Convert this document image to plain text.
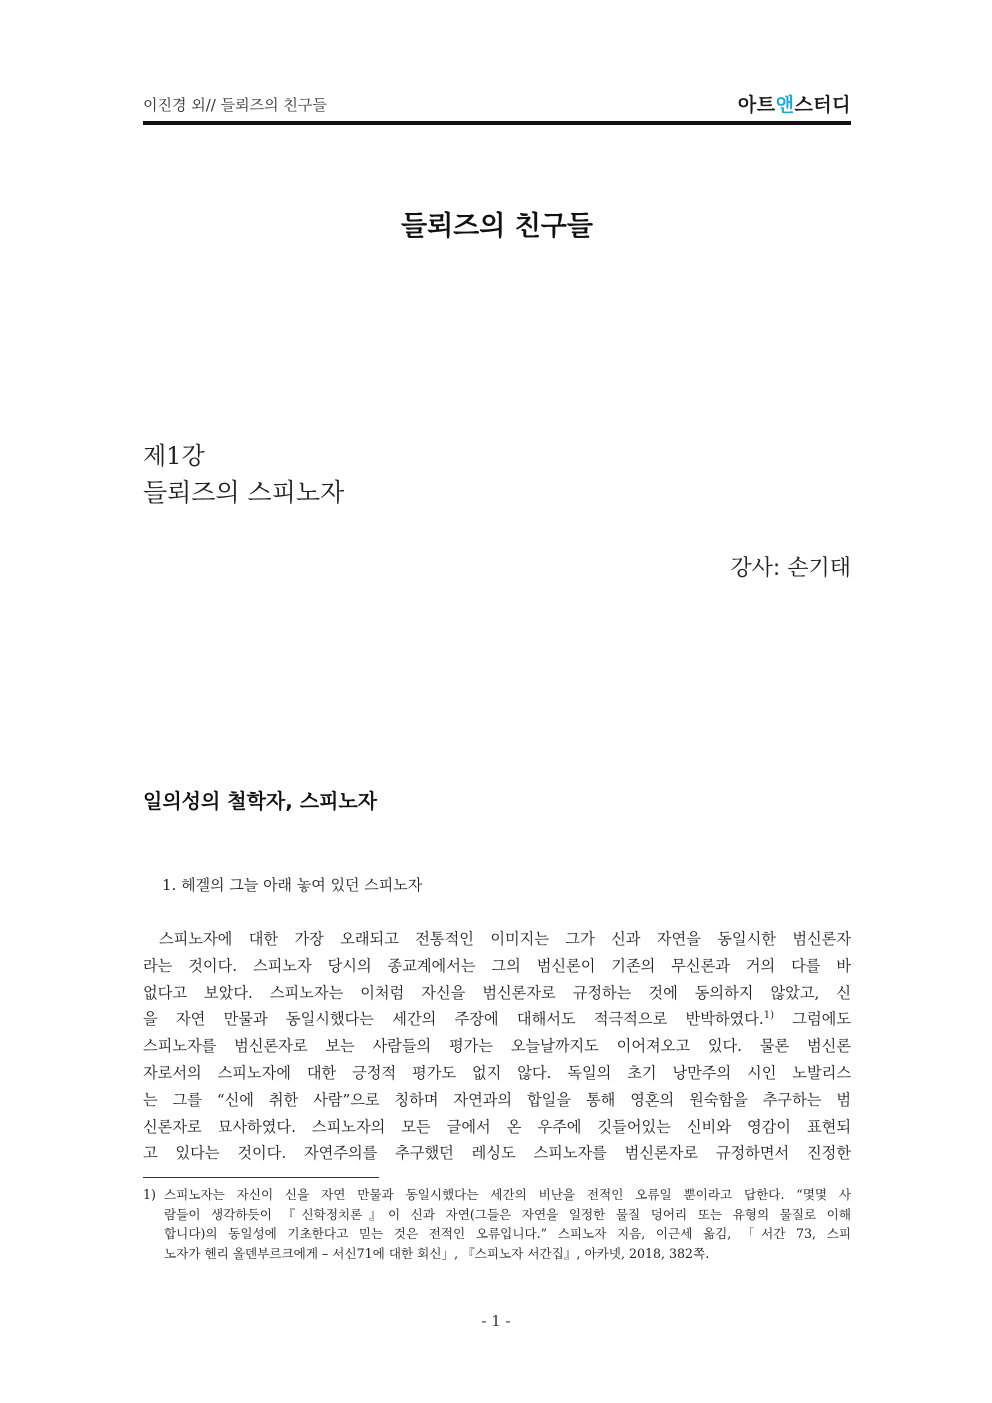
이진경 외// 들뢰즈의 친구들	아트앤스터디
들뢰즈의 친구들
제1강
들뢰즈의 스피노자
강사: 손기태
일의성의 철학자, 스피노자
1. 헤겔의 그늘 아래 놓여 있던 스피노자
스피노자에 대한 가장 오래되고 전통적인 이미지는 그가 신과 자연을 동일시한 범신론자
라는 것이다. 스피노자 당시의 종교계에서는 그의 범신론이 기존의 무신론과 거의 다를 바
없다고 보았다. 스피노자는 이처럼 자신을 범신론자로 규정하는 것에 동의하지 않았고, 신
을 자연 만물과 동일시했다는 세간의 주장에 대해서도 적극적으로 반박하였다.$^{1)}$ 그럼에도
스피노자를 범신론자로 보는 사람들의 평가는 오늘날까지도 이어져오고 있다. 물론 범신론
자로서의 스피노자에 대한 긍정적 평가도 없지 않다. 독일의 초기 낭만주의 시인 노발리스
는 그를 “신에 취한 사람”으로 칭하며 자연과의 합일을 통해 영혼의 원숙함을 추구하는 범
신론자로 묘사하였다. 스피노자의 모든 글에서 온 우주에 깃들어있는 신비와 영감이 표현되
고 있다는 것이다. 자연주의를 추구했던 레싱도 스피노자를 범신론자로 규정하면서 진정한
1) 스피노자는 자신이 신을 자연 만물과 동일시했다는 세간의 비난을 전적인 오류일 뿐이라고 답한다. “몇몇 사
람들이 생각하듯이 『신학정치론』이 신과 자연(그들은 자연을 일정한 물질 덩어리 또는 유형의 물질로 이해
합니다)의 동일성에 기초한다고 믿는 것은 전적인 오류입니다.” 스피노자 지음, 이근세 옮김, 「서간 73, 스피
노자가 헨리 올덴부르크에게 – 서신71에 대한 회신」, 『스피노자 서간집』, 아카넷, 2018, 382쪽.
- 1 -
